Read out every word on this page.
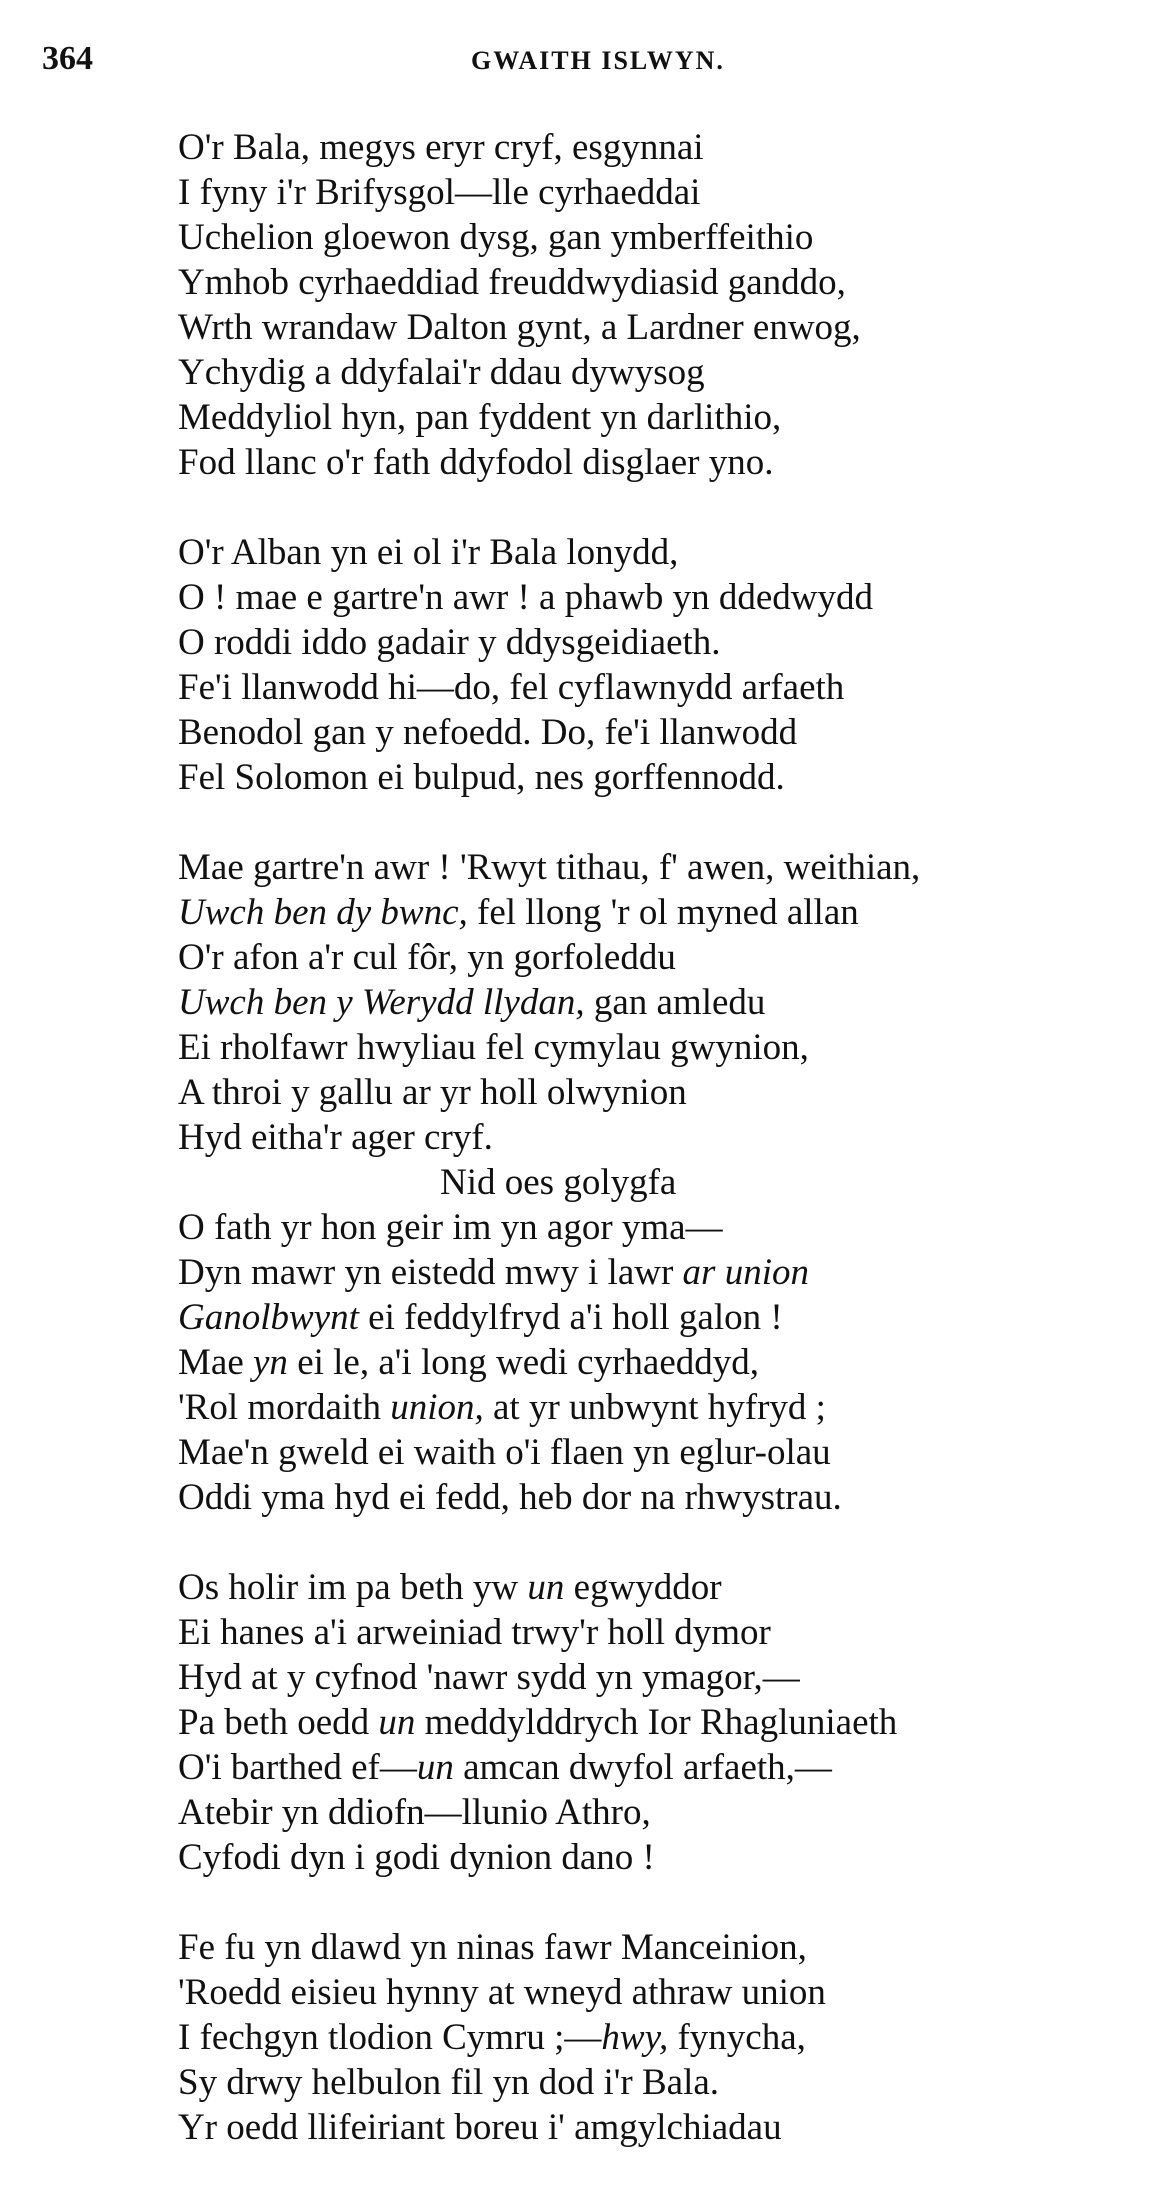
364	GWAITH ISLWYN.
O'r Bala, megys eryr cryf, esgynnai
I fyny i'r Brifysgol—lle cyrhaeddai
Uchelion gloewon dysg, gan ymberffeithio
Ymhob cyrhaeddiad freuddwydiasid ganddo,
Wrth wrandaw Dalton gynt, a Lardner enwog,
Ychydig a ddyfalai'r ddau dywysog
Meddyliol hyn, pan fyddent yn darlithio,
Fod llanc o'r fath ddyfodol disglaer yno.
O'r Alban yn ei ol i'r Bala lonydd,
O ! mae e gartre'n awr ! a phawb yn ddedwydd
O roddi iddo gadair y ddysgeidiaeth.
Fe'i llanwodd hi—do, fel cyflawnydd arfaeth
Benodol gan y nefoedd. Do, fe'i llanwodd
Fel Solomon ei bulpud, nes gorffennodd.
Mae gartre'n awr ! 'Rwyt tithau, f' awen, weithian,
Uwch ben dy bwnc, fel llong 'r ol myned allan
O'r afon a'r cul fôr, yn gorfoleddu
Uwch ben y Werydd llydan, gan amledu
Ei rholfawr hwyliau fel cymylau gwynion,
A throi y gallu ar yr holl olwynion
Hyd eitha'r ager cryf.
Nid oes golygfa
O fath yr hon geir im yn agor yma—
Dyn mawr yn eistedd mwy i lawr ar union
Ganolbwynt ei feddylfryd a'i holl galon !
Mae yn ei le, a'i long wedi cyrhaeddyd,
'Rol mordaith union, at yr unbwynt hyfryd ;
Mae'n gweld ei waith o'i flaen yn eglur-olau
Oddi yma hyd ei fedd, heb dor na rhwystrau.
Os holir im pa beth yw un egwyddor
Ei hanes a'i arweiniad trwy'r holl dymor
Hyd at y cyfnod 'nawr sydd yn ymagor,—
Pa beth oedd un meddylddrych Ior Rhagluniaeth
O'i barthed ef—un amcan dwyfol arfaeth,—
Atebir yn ddiofn—llunio Athro,
Cyfodi dyn i godi dynion dano !
Fe fu yn dlawd yn ninas fawr Manceinion,
'Roedd eisieu hynny at wneyd athraw union
I fechgyn tlodion Cymru ;—hwy, fynycha,
Sy drwy helbulon fil yn dod i'r Bala.
Yr oedd llifeiriant boreu i' amgylchiadau
